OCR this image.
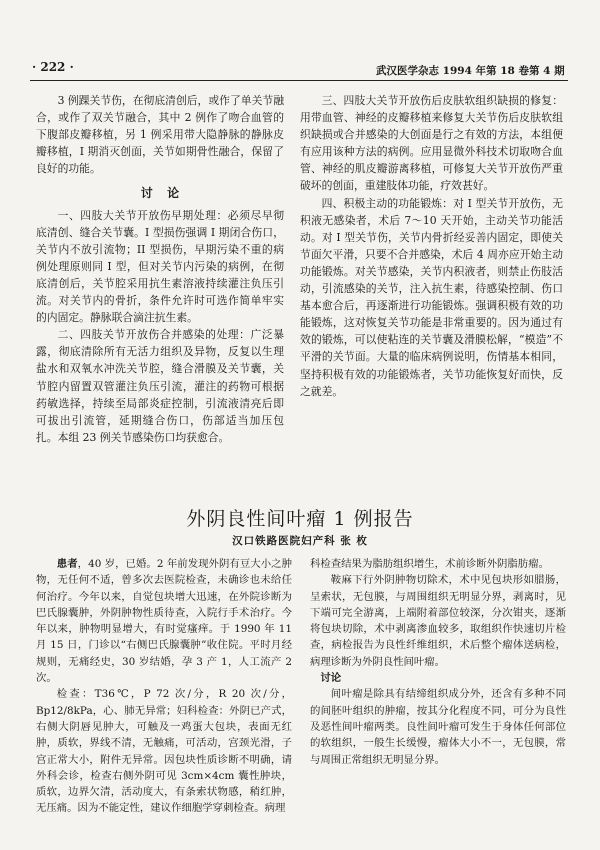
· 222 ·	武汉医学杂志 1994 年第 18 卷第 4 期

3 例踝关节伤，在彻底清创后，或作了单关节融合，或作了双关节融合，其中 2 例作了吻合血管的下腹部皮瓣移植，另 1 例采用带大隐静脉的静脉皮瓣移植，I 期消灭创面，关节如期骨性融合，保留了良好的功能。

讨论

一、四肢大关节开放伤早期处理：必须尽早彻底清创、缝合关节囊。I 型损伤强调 I 期闭合伤口，关节内不放引流物；II 型损伤，早期污染不重的病例处理原则同 I 型，但对关节内污染的病例，在彻底清创后，关节腔采用抗生素溶液持续灌注负压引流。对关节内的骨折，条件允许时可选作简单牢实的内固定。静脉联合滴注抗生素。

二、四肢关节开放伤合并感染的处理：广泛暴露，彻底清除所有无活力组织及异物，反复以生理盐水和双氧水冲洗关节腔，缝合滑膜及关节囊，关节腔内留置双管灌注负压引流，灌注的药物可根据药敏选择，持续至局部炎症控制，引流液清亮后即可拔出引流管，延期缝合伤口，伤部适当加压包扎。本组 23 例关节感染伤口均获愈合。

三、四肢大关节开放伤后皮肤软组织缺损的修复：用带血管、神经的皮瓣移植来修复大关节伤后皮肤软组织缺损或合并感染的大创面是行之有效的方法，本组便有应用该种方法的病例。应用显微外科技术切取吻合血管、神经的肌皮瓣游离移植，可修复大关节开放伤严重破坏的创面，重建肢体功能，疗效甚好。

四、积极主动的功能锻炼：对 I 型关节开放伤，无积液无感染者，术后 7～10 天开始，主动关节功能活动。对 I 型关节伤，关节内骨折经妥善内固定，即使关节面欠平滑，只要不合并感染，术后 4 周亦应开始主动功能锻炼。对关节感染，关节内积液者，则禁止伤肢活动，引流感染的关节，注入抗生素，待感染控制、伤口基本愈合后，再逐渐进行功能锻炼。强调积极有效的功能锻炼，这对恢复关节功能是非常重要的。因为通过有效的锻炼，可以使粘连的关节囊及滑膜松解，“模造”不平滑的关节面。大量的临床病例说明，伤情基本相同，坚持积极有效的功能锻炼者，关节功能恢复好而快，反之就差。

外阴良性间叶瘤 1 例报告
汉口铁路医院妇产科 张 枚

患者，40 岁，已婚。2 年前发现外阴有豆大小之肿物，无任何不适，曾多次去医院检查，未确诊也未给任何治疗。今年以来，自觉包块增大迅速，在外院诊断为巴氏腺囊肿，外阴肿物性质待查，入院行手术治疗。今年以来，肿物明显增大，有时觉瘙痒。于 1990 年 11 月 15 日，门诊以“右侧巴氏腺囊肿”收住院。平时月经规则，无痛经史，30 岁结婚，孕 3 产 1，人工流产 2 次。

检查：T36℃，P 72 次/分，R 20 次/分，Bp12/8kPa，心、肺无异常；妇科检查：外阴已产式，右侧大阴唇见肿大，可触及一鸡蛋大包块，表面无红肿，质软，界线不清，无触痛，可活动，宫颈光滑，子宫正常大小，附件无异常。因包块性质诊断不明确，请外科会诊，检查右侧外阴可见 3cm×4cm 囊性肿块，质软，边界欠清，活动度大，有条索状物感，稍红肿，无压痛。因为不能定性，建议作细胞学穿刺检查。病理

科检查结果为脂肪组织增生，术前诊断外阴脂肪瘤。

鞍麻下行外阴肿物切除术，术中见包块形如腊肠，呈索状，无包膜，与周围组织无明显分界，剥离时，见下端可完全游离，上端附着部位较深，分次钳夹，逐渐将包块切除，术中剥离渗血较多，取组织作快速切片检查，病检报告为良性纤维组织，术后整个瘤体送病检，病理诊断为外阴良性间叶瘤。

讨论

间叶瘤是除具有结缔组织成分外，还含有多种不同的间胚叶组织的肿瘤，按其分化程度不同，可分为良性及恶性间叶瘤两类。良性间叶瘤可发生于身体任何部位的软组织，一般生长缓慢，瘤体大小不一，无包膜，常与周围正常组织无明显分界。
